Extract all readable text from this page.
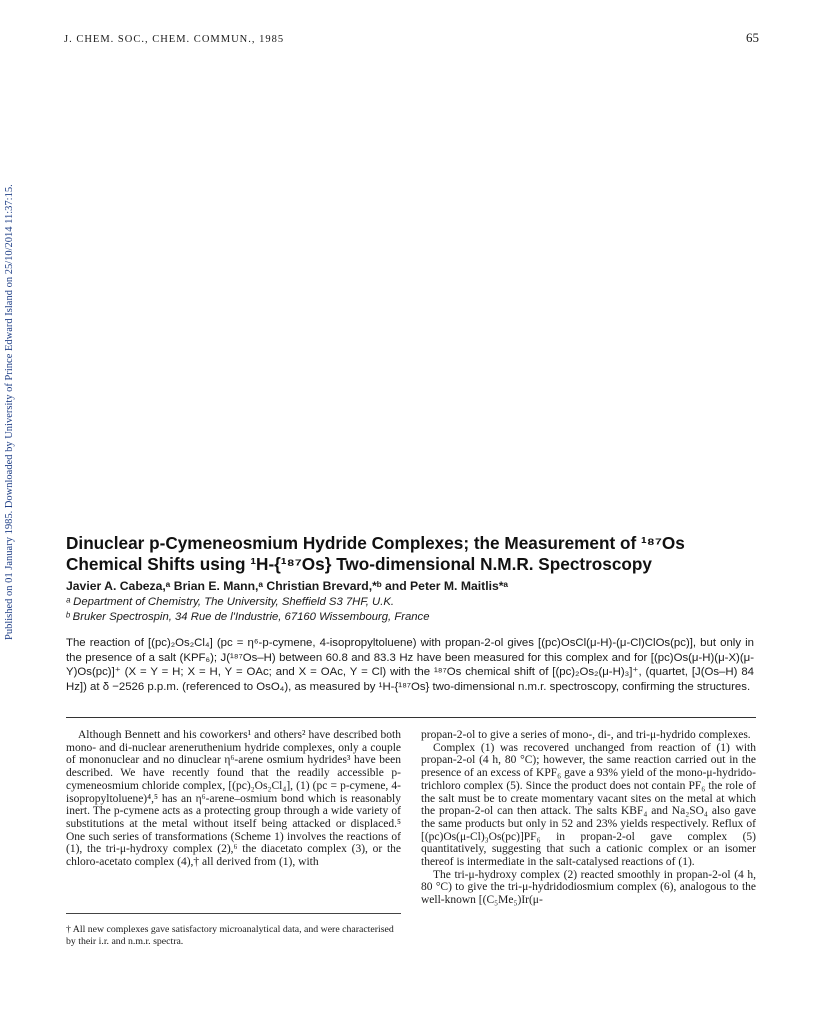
J. CHEM. SOC., CHEM. COMMUN., 1985	65
Published on 01 January 1985. Downloaded by University of Prince Edward Island on 25/10/2014 11:37:15.	Dinuclear p-Cymeneosmium Hydride Complexes; the Measurement of ¹⁸⁷Os Chemical Shifts using ¹H-{¹⁸⁷Os} Two-dimensional N.M.R. Spectroscopy
Javier A. Cabeza,ᵃ Brian E. Mann,ᵃ Christian Brevard,*ᵇ and Peter M. Maitlis*ᵃ
ᵃ Department of Chemistry, The University, Sheffield S3 7HF, U.K.
ᵇ Bruker Spectrospin, 34 Rue de l'Industrie, 67160 Wissembourg, France
The reaction of [(pc)₂Os₂Cl₄] (pc = η⁶-p-cymene, 4-isopropyltoluene) with propan-2-ol gives [(pc)OsCl(μ-H)-(μ-Cl)ClOs(pc)], but only in the presence of a salt (KPF₆); J(¹⁸⁷Os–H) between 60.8 and 83.3 Hz have been measured for this complex and for [(pc)Os(μ-H)(μ-X)(μ-Y)Os(pc)]⁺ (X = Y = H; X = H, Y = OAc; and X = OAc, Y = Cl) with the ¹⁸⁷Os chemical shift of [(pc)₂Os₂(μ-H)₃]⁺, (quartet, [J(Os–H) 84 Hz]) at δ −2526 p.p.m. (referenced to OsO₄), as measured by ¹H-{¹⁸⁷Os} two-dimensional n.m.r. spectroscopy, confirming the structures.

Although Bennett and his coworkers¹ and others² have described both mono- and di-nuclear areneruthenium hydride complexes, only a couple of mononuclear and no dinuclear η⁶-arene osmium hydrides³ have been described. We have recently found that the readily accessible p-cymeneosmium chloride complex, [(pc)₂Os₂Cl₄], (1) (pc = p-cymene, 4-isopropyltoluene)⁴,⁵ has an η⁶-arene–osmium bond which is reasonably inert. The p-cymene acts as a protecting group through a wide variety of substitutions at the metal without itself being attacked or displaced.⁵ One such series of transformations (Scheme 1) involves the reactions of (1), the tri-μ-hydroxy complex (2),⁶ the diacetato complex (3), or the chloro-acetato complex (4),† all derived from (1), with

propan-2-ol to give a series of mono-, di-, and tri-μ-hydrido complexes.

Complex (1) was recovered unchanged from reaction of (1) with propan-2-ol (4 h, 80 °C); however, the same reaction carried out in the presence of an excess of KPF₆ gave a 93% yield of the mono-μ-hydrido-trichloro complex (5). Since the product does not contain PF₆ the role of the salt must be to create momentary vacant sites on the metal at which the propan-2-ol can then attack. The salts KBF₄ and Na₂SO₄ also gave the same products but only in 52 and 23% yields respectively. Reflux of [(pc)Os(μ-Cl)₃Os(pc)]PF₆ in propan-2-ol gave complex (5) quantitatively, suggesting that such a cationic complex or an isomer thereof is intermediate in the salt-catalysed reactions of (1).

The tri-μ-hydroxy complex (2) reacted smoothly in propan-2-ol (4 h, 80 °C) to give the tri-μ-hydridodiosmium complex (6), analogous to the well-known [(C₅Me₅)Ir(μ-

† All new complexes gave satisfactory microanalytical data, and were characterised by their i.r. and n.m.r. spectra.
